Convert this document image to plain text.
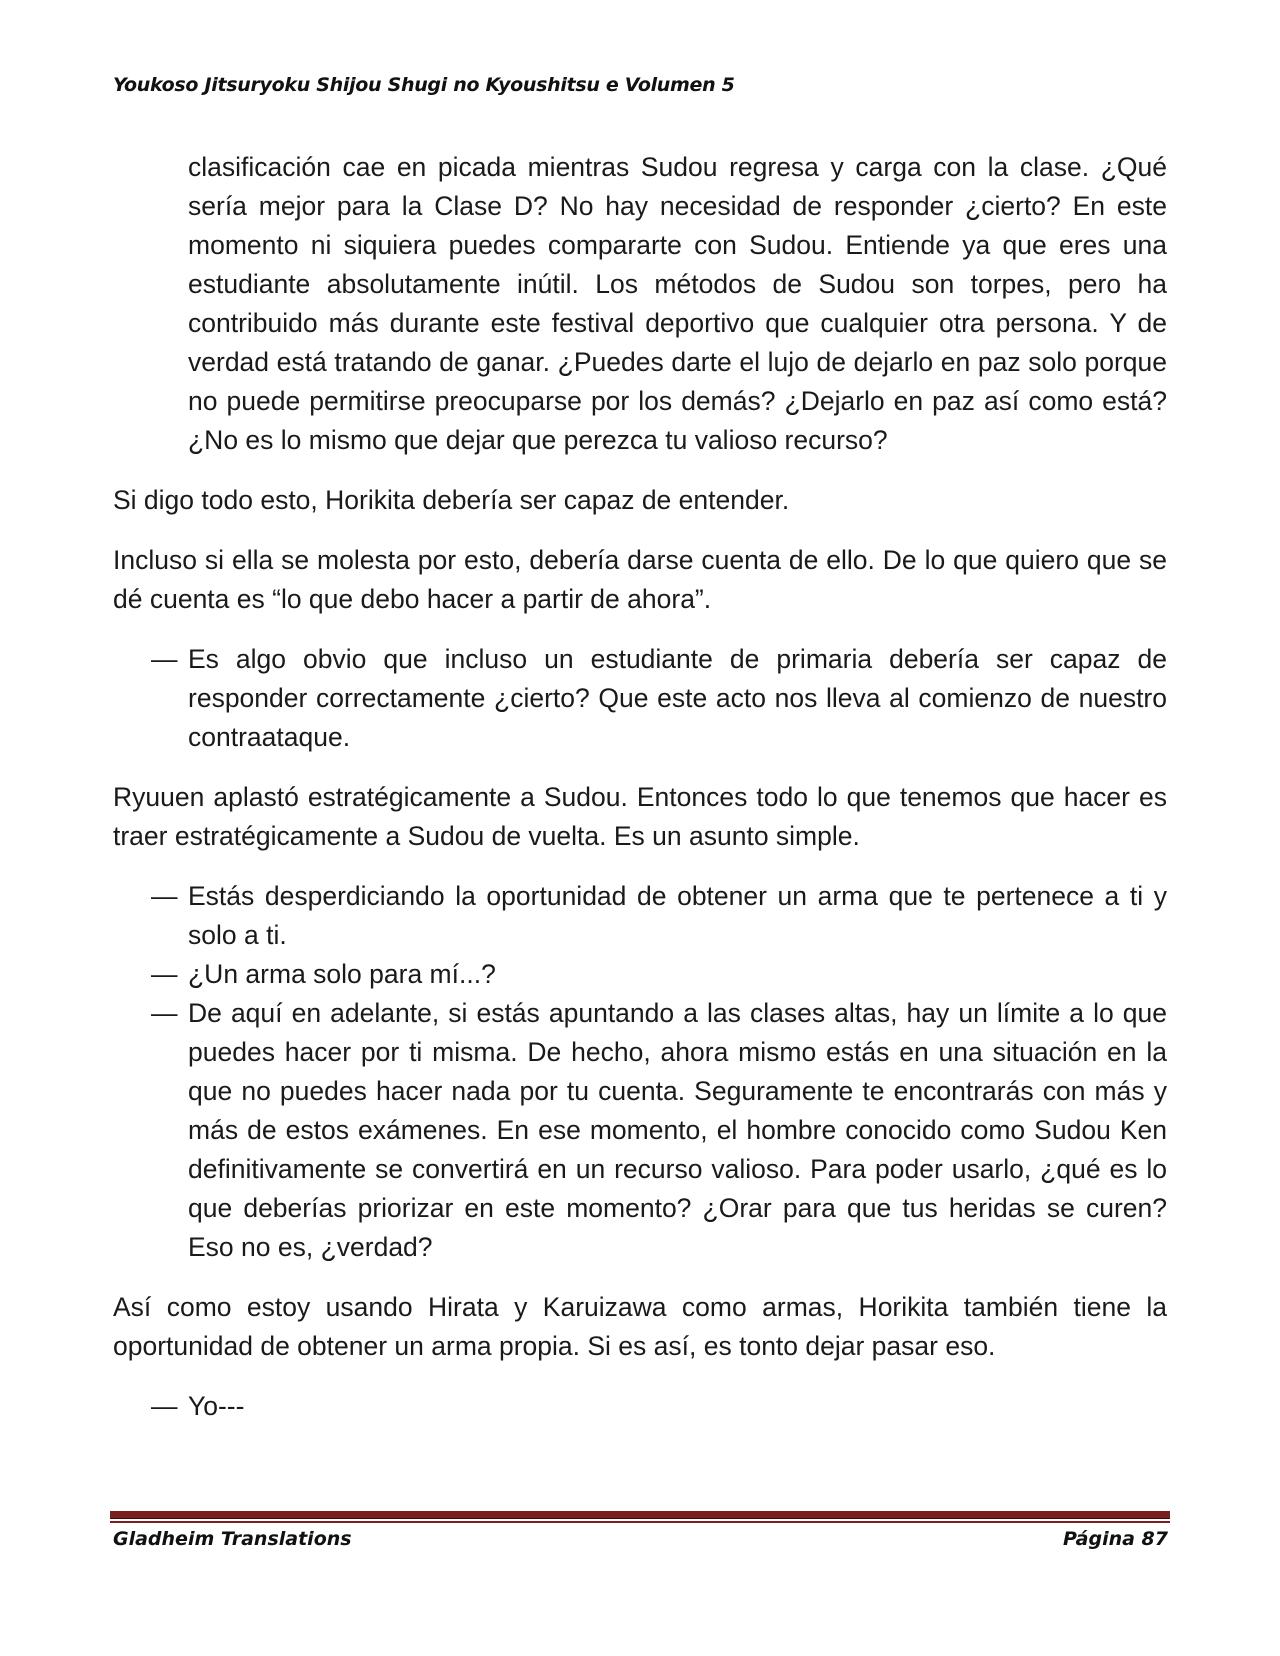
Youkoso Jitsuryoku Shijou Shugi no Kyoushitsu e Volumen 5

clasificación cae en picada mientras Sudou regresa y carga con la clase. ¿Qué sería mejor para la Clase D? No hay necesidad de responder ¿cierto? En este momento ni siquiera puedes compararte con Sudou. Entiende ya que eres una estudiante absolutamente inútil. Los métodos de Sudou son torpes, pero ha contribuido más durante este festival deportivo que cualquier otra persona. Y de verdad está tratando de ganar. ¿Puedes darte el lujo de dejarlo en paz solo porque no puede permitirse preocuparse por los demás? ¿Dejarlo en paz así como está? ¿No es lo mismo que dejar que perezca tu valioso recurso?

Si digo todo esto, Horikita debería ser capaz de entender.

Incluso si ella se molesta por esto, debería darse cuenta de ello. De lo que quiero que se dé cuenta es “lo que debo hacer a partir de ahora”.

— Es algo obvio que incluso un estudiante de primaria debería ser capaz de responder correctamente ¿cierto? Que este acto nos lleva al comienzo de nuestro contraataque.

Ryuuen aplastó estratégicamente a Sudou. Entonces todo lo que tenemos que hacer es traer estratégicamente a Sudou de vuelta. Es un asunto simple.

— Estás desperdiciando la oportunidad de obtener un arma que te pertenece a ti y solo a ti.

— ¿Un arma solo para mí...?

— De aquí en adelante, si estás apuntando a las clases altas, hay un límite a lo que puedes hacer por ti misma. De hecho, ahora mismo estás en una situación en la que no puedes hacer nada por tu cuenta. Seguramente te encontrarás con más y más de estos exámenes. En ese momento, el hombre conocido como Sudou Ken definitivamente se convertirá en un recurso valioso. Para poder usarlo, ¿qué es lo que deberías priorizar en este momento? ¿Orar para que tus heridas se curen? Eso no es, ¿verdad?

Así como estoy usando Hirata y Karuizawa como armas, Horikita también tiene la oportunidad de obtener un arma propia. Si es así, es tonto dejar pasar eso.

— Yo---

Gladheim Translations	Página 87
